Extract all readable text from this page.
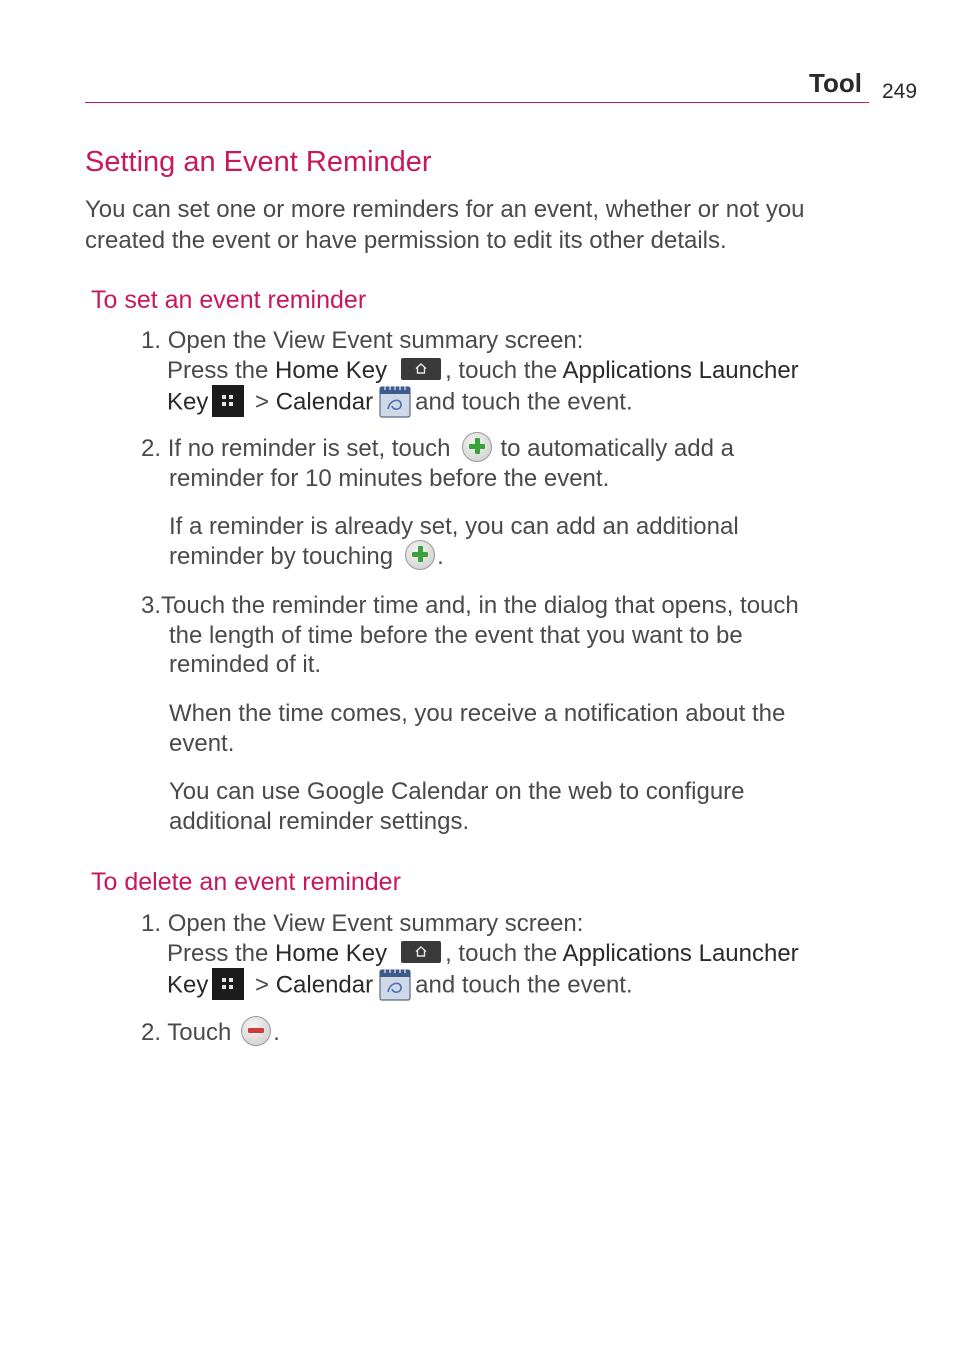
Tool 249
Setting an Event Reminder

You can set one or more reminders for an event, whether or not you created the event or have permission to edit its other details.

To set an event reminder
1. Open the View Event summary screen:
Press the Home Key , touch the Applications Launcher
Key
> Calendar and touch the event.
2. If no reminder is set, touch to automatically add a
reminder for 10 minutes before the event.
If a reminder is already set, you can add an additional
reminder by touching .
3.Touch the reminder time and, in the dialog that opens, touch
the length of time before the event that you want to be
reminded of it.
When the time comes, you receive a notification about the
event.
You can use Google Calendar on the web to configure
additional reminder settings.
To delete an event reminder
1. Open the View Event summary screen:
Press the Home Key , touch the Applications Launcher
Key
> Calendar and touch the event.
2. Touch .
